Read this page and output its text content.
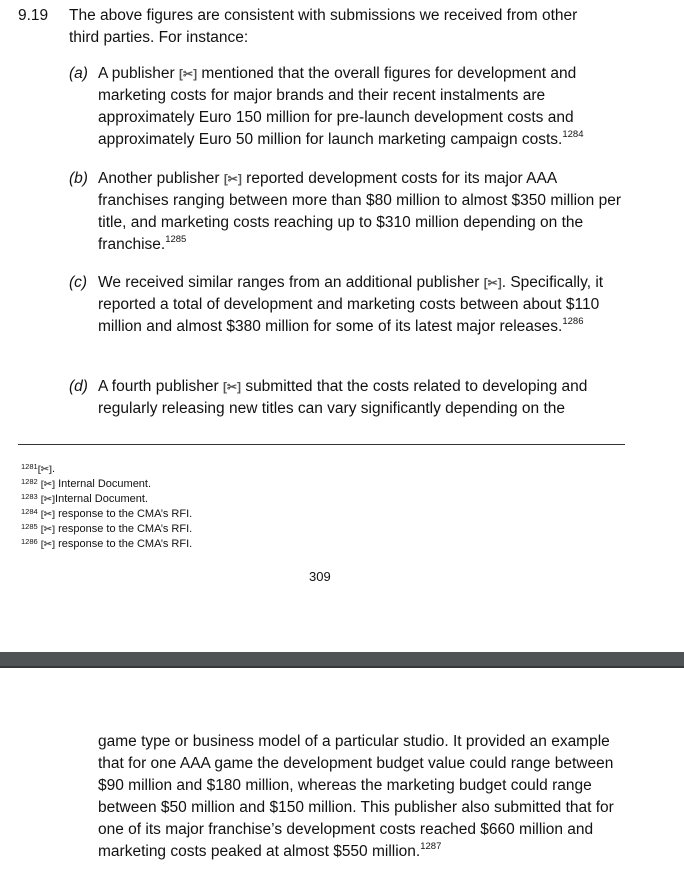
9.19 The above figures are consistent with submissions we received from other third parties. For instance:
(a) A publisher [✂] mentioned that the overall figures for development and marketing costs for major brands and their recent instalments are approximately Euro 150 million for pre-launch development costs and approximately Euro 50 million for launch marketing campaign costs.$^{1284}$
(b) Another publisher [✂] reported development costs for its major AAA franchises ranging between more than $80 million to almost $350 million per title, and marketing costs reaching up to $310 million depending on the franchise.$^{1285}$
(c) We received similar ranges from an additional publisher [✂]. Specifically, it reported a total of development and marketing costs between about $110 million and almost $380 million for some of its latest major releases.$^{1286}$
(d) A fourth publisher [✂] submitted that the costs related to developing and regularly releasing new titles can vary significantly depending on the
$^{1281}$[✂].
$^{1282}$ [✂] Internal Document.
$^{1283}$ [✂]Internal Document.
$^{1284}$ [✂] response to the CMA’s RFI.
$^{1285}$ [✂] response to the CMA’s RFI.
$^{1286}$ [✂] response to the CMA’s RFI.
309
game type or business model of a particular studio. It provided an example that for one AAA game the development budget value could range between $90 million and $180 million, whereas the marketing budget could range between $50 million and $150 million. This publisher also submitted that for one of its major franchise’s development costs reached $660 million and marketing costs peaked at almost $550 million.$^{1287}$
